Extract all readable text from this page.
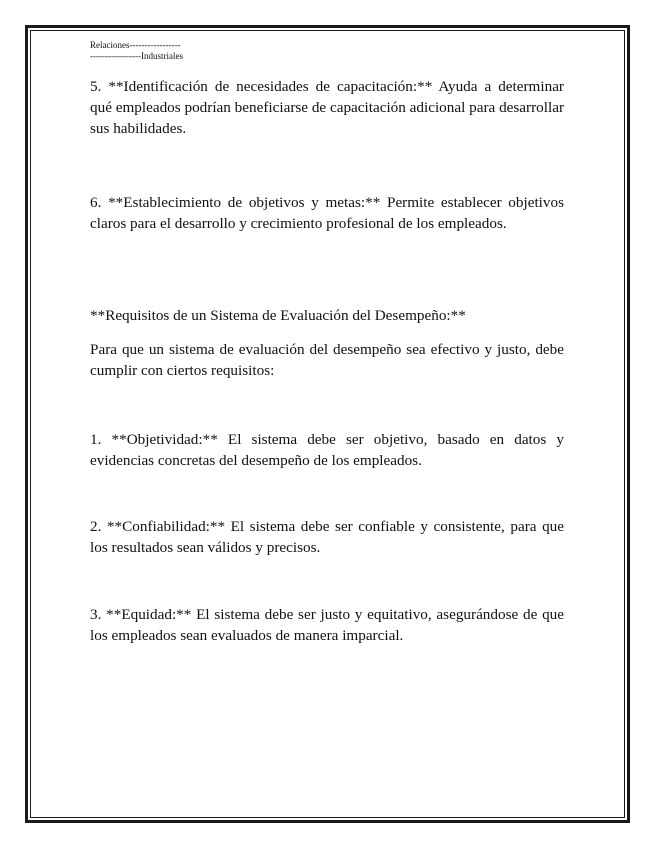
Relaciones-----------------
-----------------Industriales

5. **Identificación de necesidades de capacitación:** Ayuda a determinar qué empleados podrían beneficiarse de capacitación adicional para desarrollar sus habilidades.

6. **Establecimiento de objetivos y metas:** Permite establecer objetivos claros para el desarrollo y crecimiento profesional de los empleados.

**Requisitos de un Sistema de Evaluación del Desempeño:**

Para que un sistema de evaluación del desempeño sea efectivo y justo, debe cumplir con ciertos requisitos:

1. **Objetividad:** El sistema debe ser objetivo, basado en datos y evidencias concretas del desempeño de los empleados.

2. **Confiabilidad:** El sistema debe ser confiable y consistente, para que los resultados sean válidos y precisos.

3. **Equidad:** El sistema debe ser justo y equitativo, asegurándose de que los empleados sean evaluados de manera imparcial.
